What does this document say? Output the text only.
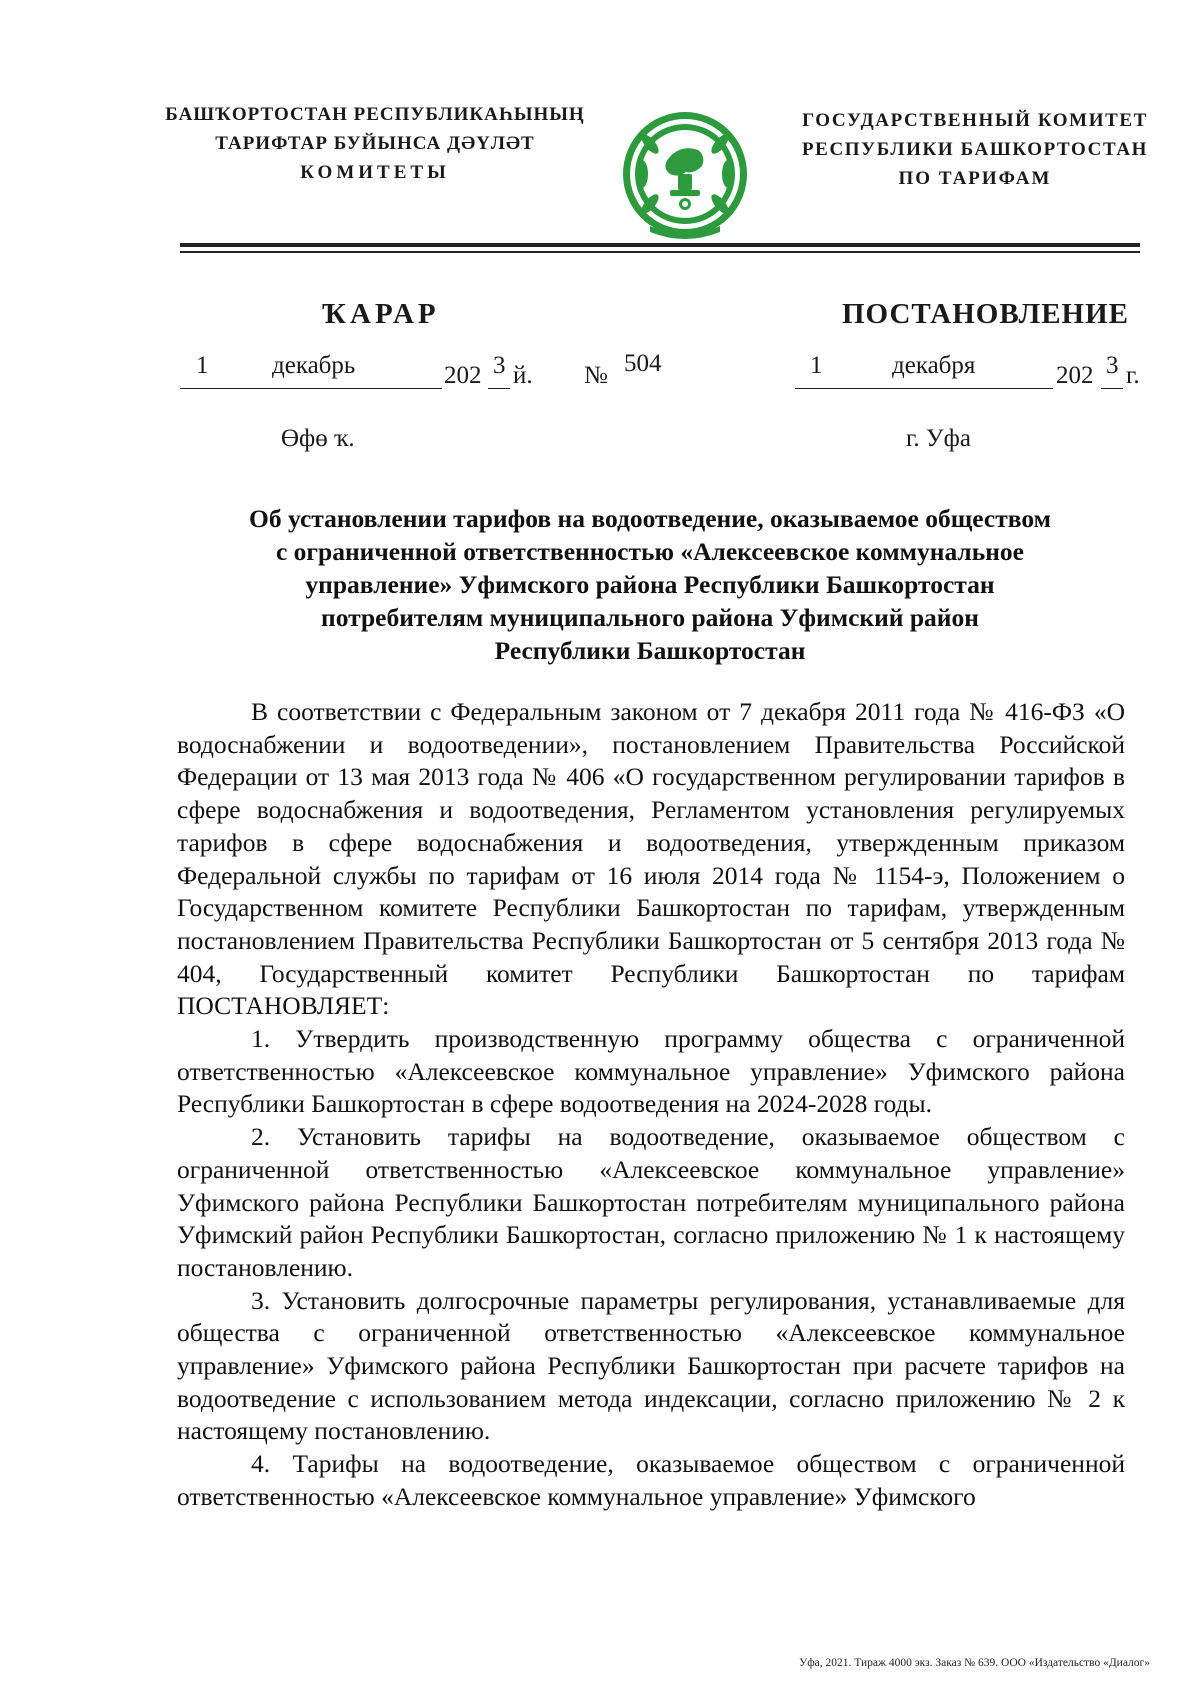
БАШҠОРТОСТАН РЕСПУБЛИКАҺЫНЫҢ
ТАРИФТАР БУЙЫНСА ДӘҮЛӘТ
КОМИТЕТЫ
ГОСУДАРСТВЕННЫЙ КОМИТЕТ
РЕСПУБЛИКИ БАШКОРТОСТАН
ПО ТАРИФАМ
ҠАРАР	ПОСТАНОВЛЕНИЕ
1	декабрь	202 3 й. № 504	1	декабря	202 3 г.
Өфө ҡ.	г. Уфа
Об установлении тарифов на водоотведение, оказываемое обществом
с ограниченной ответственностью «Алексеевское коммунальное
управление» Уфимского района Республики Башкортостан
потребителям муниципального района Уфимский район
Республики Башкортостан

В соответствии с Федеральным законом от 7 декабря 2011 года № 416-ФЗ «О водоснабжении и водоотведении», постановлением Правительства Российской Федерации от 13 мая 2013 года № 406 «О государственном регулировании тарифов в сфере водоснабжения и водоотведения, Регламентом установления регулируемых тарифов в сфере водоснабжения и водоотведения, утвержденным приказом Федеральной службы по тарифам от 16 июля 2014 года № 1154-э, Положением о Государственном комитете Республики Башкортостан по тарифам, утвержденным постановлением Правительства Республики Башкортостан от 5 сентября 2013 года № 404, Государственный комитет Республики Башкортостан по тарифам ПОСТАНОВЛЯЕТ:

1. Утвердить производственную программу общества с ограниченной ответственностью «Алексеевское коммунальное управление» Уфимского района Республики Башкортостан в сфере водоотведения на 2024-2028 годы.

2. Установить тарифы на водоотведение, оказываемое обществом с ограниченной ответственностью «Алексеевское коммунальное управление» Уфимского района Республики Башкортостан потребителям муниципального района Уфимский район Республики Башкортостан, согласно приложению № 1 к настоящему постановлению.

3. Установить долгосрочные параметры регулирования, устанавливаемые для общества с ограниченной ответственностью «Алексеевское коммунальное управление» Уфимского района Республики Башкортостан при расчете тарифов на водоотведение с использованием метода индексации, согласно приложению № 2 к настоящему постановлению.

4. Тарифы на водоотведение, оказываемое обществом с ограниченной ответственностью «Алексеевское коммунальное управление» Уфимского

Уфа, 2021. Тираж 4000 экз. Заказ № 639. ООО «Издательство «Диалог»
